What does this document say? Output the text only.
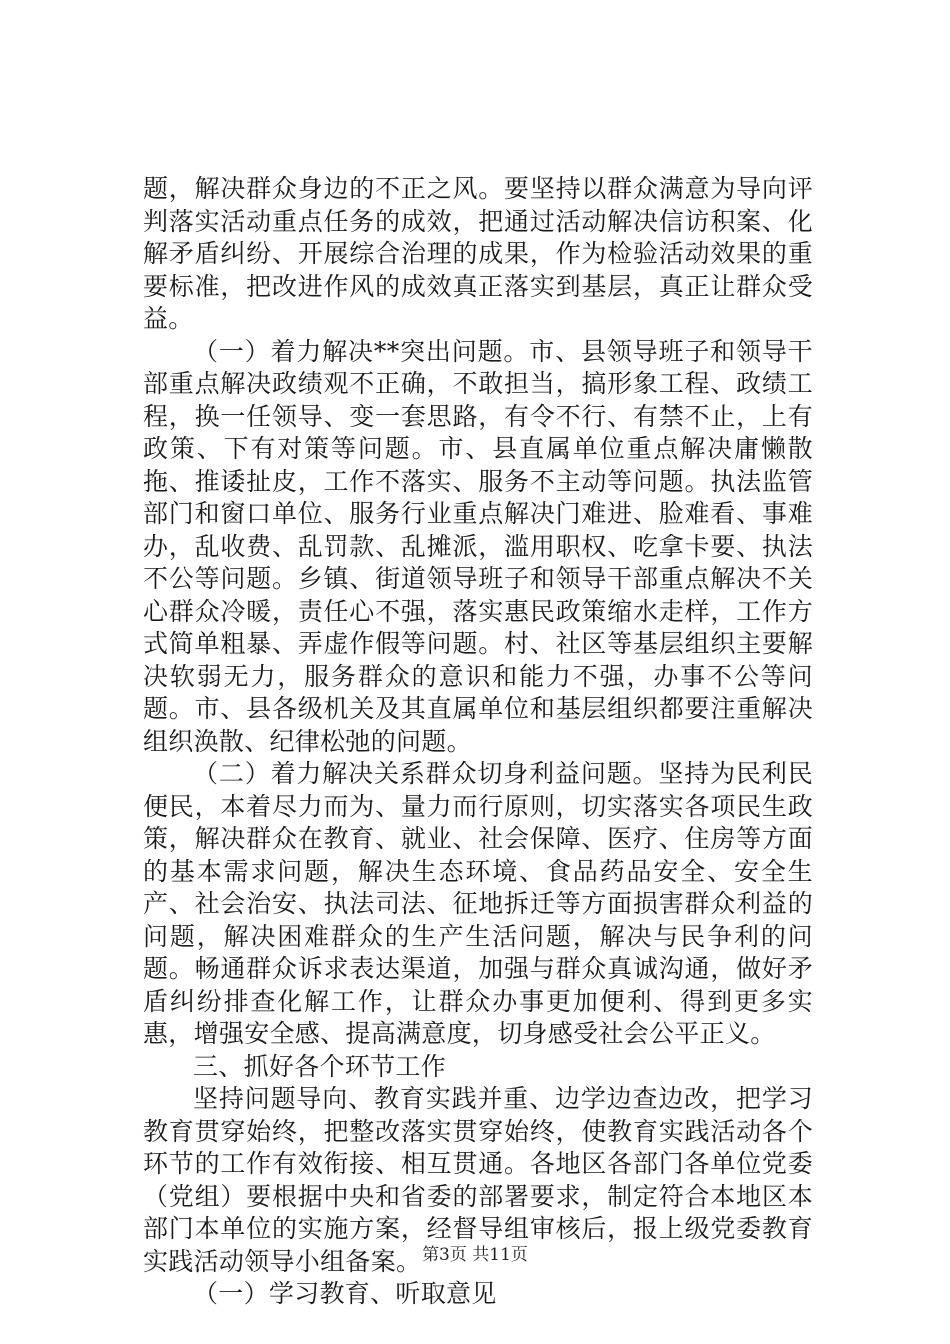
题，解决群众身边的不正之风。要坚持以群众满意为导向评判落实活动重点任务的成效，把通过活动解决信访积案、化解矛盾纠纷、开展综合治理的成果，作为检验活动效果的重要标准，把改进作风的成效真正落实到基层，真正让群众受益。

（一）着力解决**突出问题。市、县领导班子和领导干部重点解决政绩观不正确，不敢担当，搞形象工程、政绩工程，换一任领导、变一套思路，有令不行、有禁不止，上有政策、下有对策等问题。市、县直属单位重点解决庸懒散拖、推诿扯皮，工作不落实、服务不主动等问题。执法监管部门和窗口单位、服务行业重点解决门难进、脸难看、事难办，乱收费、乱罚款、乱摊派，滥用职权、吃拿卡要、执法不公等问题。乡镇、街道领导班子和领导干部重点解决不关心群众冷暖，责任心不强，落实惠民政策缩水走样，工作方式简单粗暴、弄虚作假等问题。村、社区等基层组织主要解决软弱无力，服务群众的意识和能力不强，办事不公等问题。市、县各级机关及其直属单位和基层组织都要注重解决组织涣散、纪律松弛的问题。

（二）着力解决关系群众切身利益问题。坚持为民利民便民，本着尽力而为、量力而行原则，切实落实各项民生政策，解决群众在教育、就业、社会保障、医疗、住房等方面的基本需求问题，解决生态环境、食品药品安全、安全生产、社会治安、执法司法、征地拆迁等方面损害群众利益的问题，解决困难群众的生产生活问题，解决与民争利的问题。畅通群众诉求表达渠道，加强与群众真诚沟通，做好矛盾纠纷排查化解工作，让群众办事更加便利、得到更多实惠，增强安全感、提高满意度，切身感受社会公平正义。

三、抓好各个环节工作

坚持问题导向、教育实践并重、边学边查边改，把学习教育贯穿始终，把整改落实贯穿始终，使教育实践活动各个环节的工作有效衔接、相互贯通。各地区各部门各单位党委（党组）要根据中央和省委的部署要求，制定符合本地区本部门本单位的实施方案，经督导组审核后，报上级党委教育实践活动领导小组备案。

（一）学习教育、听取意见

第3页 共11页
